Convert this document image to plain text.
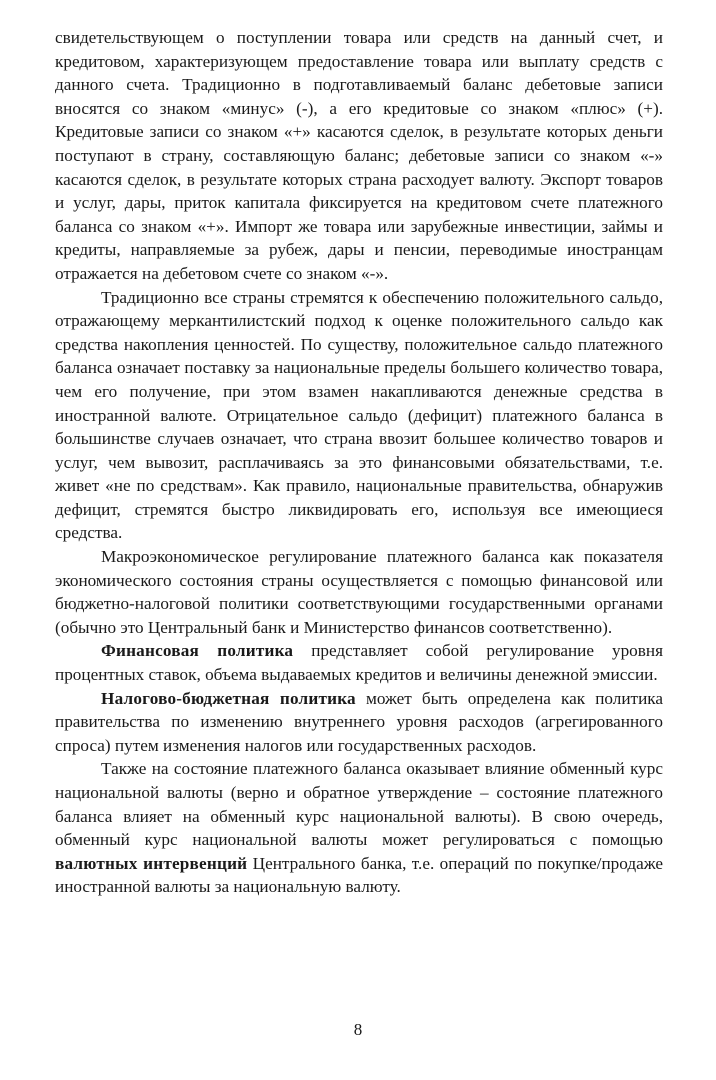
свидетельствующем о поступлении товара или средств на данный счет, и кредитовом, характеризующем предоставление товара или выплату средств с данного счета. Традиционно в подготавливаемый баланс дебетовые записи вносятся со знаком «минус» (-), а его кредитовые со знаком «плюс» (+). Кредитовые записи со знаком «+» касаются сделок, в результате которых деньги поступают в страну, составляющую баланс; дебетовые записи со знаком «-» касаются сделок, в результате которых страна расходует валюту. Экспорт товаров и услуг, дары, приток капитала фиксируется на кредитовом счете платежного баланса со знаком «+». Импорт же товара или зарубежные инвестиции, займы и кредиты, направляемые за рубеж, дары и пенсии, переводимые иностранцам отражается на дебетовом счете со знаком «-».

Традиционно все страны стремятся к обеспечению положительного сальдо, отражающему меркантилистский подход к оценке положительного сальдо как средства накопления ценностей. По существу, положительное сальдо платежного баланса означает поставку за национальные пределы большего количество товара, чем его получение, при этом взамен накапливаются денежные средства в иностранной валюте. Отрицательное сальдо (дефицит) платежного баланса в большинстве случаев означает, что страна ввозит большее количество товаров и услуг, чем вывозит, расплачиваясь за это финансовыми обязательствами, т.е. живет «не по средствам». Как правило, национальные правительства, обнаружив дефицит, стремятся быстро ликвидировать его, используя все имеющиеся средства.

Макроэкономическое регулирование платежного баланса как показателя экономического состояния страны осуществляется с помощью финансовой или бюджетно-налоговой политики соответствующими государственными органами (обычно это Центральный банк и Министерство финансов соответственно).

Финансовая политика представляет собой регулирование уровня процентных ставок, объема выдаваемых кредитов и величины денежной эмиссии.

Налогово-бюджетная политика может быть определена как политика правительства по изменению внутреннего уровня расходов (агрегированного спроса) путем изменения налогов или государственных расходов.

Также на состояние платежного баланса оказывает влияние обменный курс национальной валюты (верно и обратное утверждение – состояние платежного баланса влияет на обменный курс национальной валюты). В свою очередь, обменный курс национальной валюты может регулироваться с помощью валютных интервенций Центрального банка, т.е. операций по покупке/продаже иностранной валюты за национальную валюту.

8
